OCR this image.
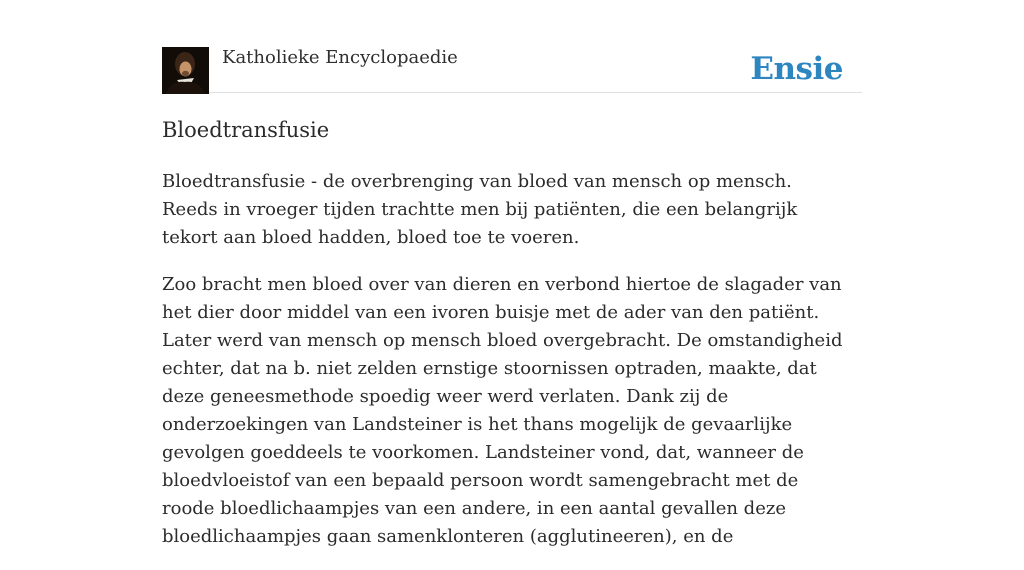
Katholieke Encyclopaedie	Ensie
Bloedtransfusie

Bloedtransfusie - de overbrenging van bloed van mensch op mensch. Reeds in vroeger tijden trachtte men bij patiënten, die een belangrijk tekort aan bloed hadden, bloed toe te voeren.

Zoo bracht men bloed over van dieren en verbond hiertoe de slagader van het dier door middel van een ivoren buisje met de ader van den patiënt. Later werd van mensch op mensch bloed overgebracht. De omstandigheid echter, dat na b. niet zelden ernstige stoornissen optraden, maakte, dat deze geneesmethode spoedig weer werd verlaten. Dank zij de onderzoekingen van Landsteiner is het thans mogelijk de gevaarlijke gevolgen goeddeels te voorkomen. Landsteiner vond, dat, wanneer de bloedvloeistof van een bepaald persoon wordt samengebracht met de roode bloedlichaampjes van een andere, in een aantal gevallen deze bloedlichaampjes gaan samenklonteren (agglutineeren), en de
